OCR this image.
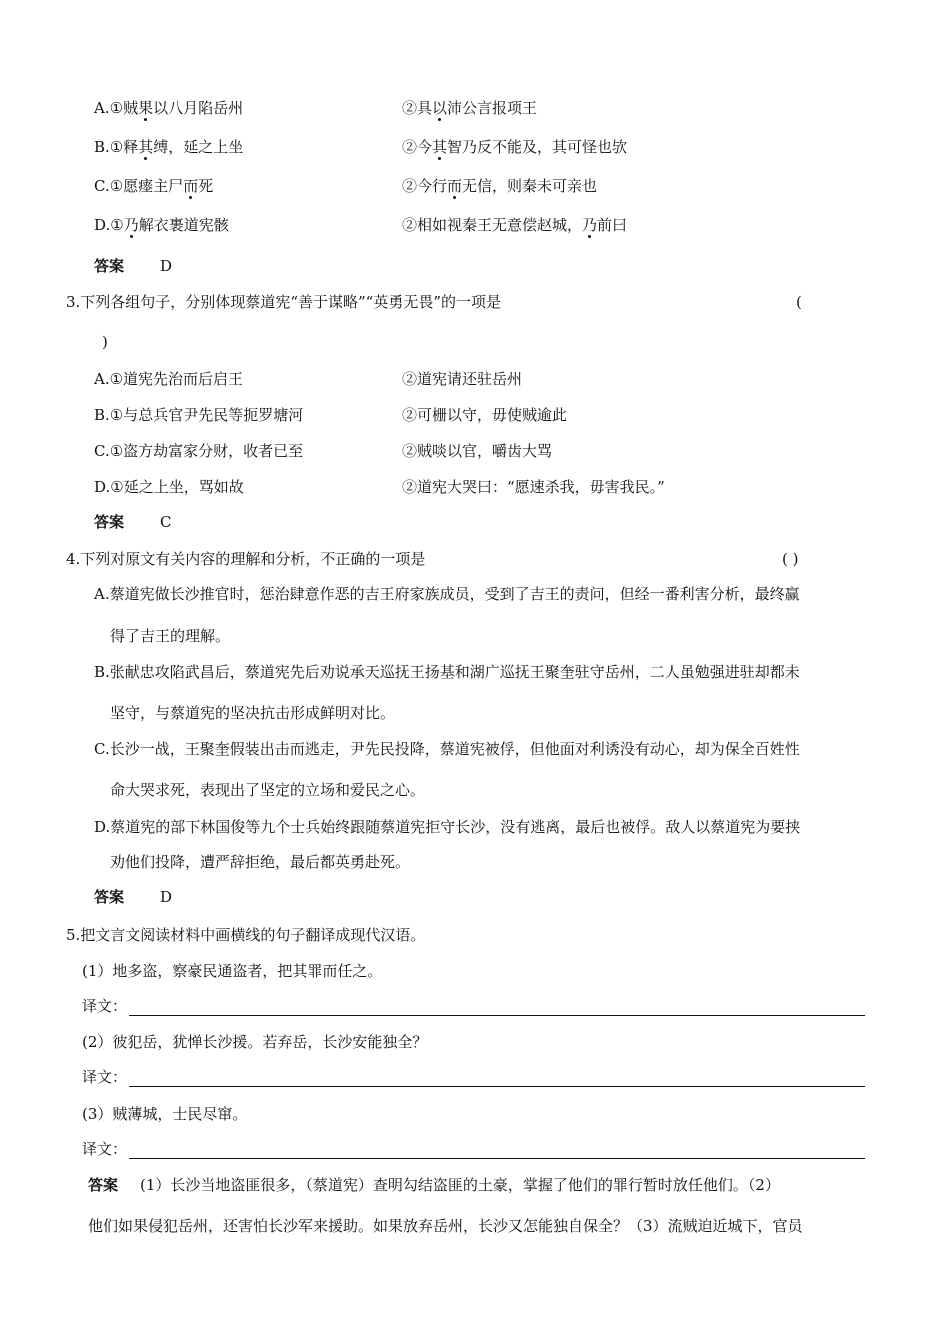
A.①贼果以八月陷岳州	②具以沛公言报项王
B.①释其缚，延之上坐	②今其智乃反不能及，其可怪也欤
C.①愿瘗主尸而死	②今行而无信，则秦未可亲也
D.①乃解衣裹道宪骸	②相如视秦王无意偿赵城，乃前曰
答案 D
3.下列各组句子，分别体现蔡道宪“善于谋略”“英勇无畏”的一项是	(
)
A.①道宪先治而后启王	②道宪请还驻岳州
B.①与总兵官尹先民等扼罗塘河	②可栅以守，毋使贼逾此
C.①盗方劫富家分财，收者已至	②贼啖以官，嚼齿大骂
D.①延之上坐，骂如故	②道宪大哭曰：“愿速杀我，毋害我民。”
答案 C
4.下列对原文有关内容的理解和分析，不正确的一项是	( )
A.蔡道宪做长沙推官时，惩治肆意作恶的吉王府家族成员，受到了吉王的责问，但经一番利害分析，最终赢
得了吉王的理解。
B.张献忠攻陷武昌后，蔡道宪先后劝说承天巡抚王扬基和湖广巡抚王聚奎驻守岳州，二人虽勉强进驻却都未
坚守，与蔡道宪的坚决抗击形成鲜明对比。
C.长沙一战，王聚奎假装出击而逃走，尹先民投降，蔡道宪被俘，但他面对利诱没有动心，却为保全百姓性
命大哭求死，表现出了坚定的立场和爱民之心。
D.蔡道宪的部下林国俊等九个士兵始终跟随蔡道宪拒守长沙，没有逃离，最后也被俘。敌人以蔡道宪为要挟
劝他们投降，遭严辞拒绝，最后都英勇赴死。
答案 D
5.把文言文阅读材料中画横线的句子翻译成现代汉语。
(1）地多盗，察豪民通盗者，把其罪而任之。
译文：
(2）彼犯岳，犹惮长沙援。若弃岳，长沙安能独全？
译文：
(3）贼薄城，士民尽窜。
译文：
答案 (1）长沙当地盗匪很多，（蔡道宪）查明勾结盗匪的土豪，掌握了他们的罪行暂时放任他们。（2）
他们如果侵犯岳州，还害怕长沙军来援助。如果放弃岳州，长沙又怎能独自保全？（3）流贼迫近城下，官员
